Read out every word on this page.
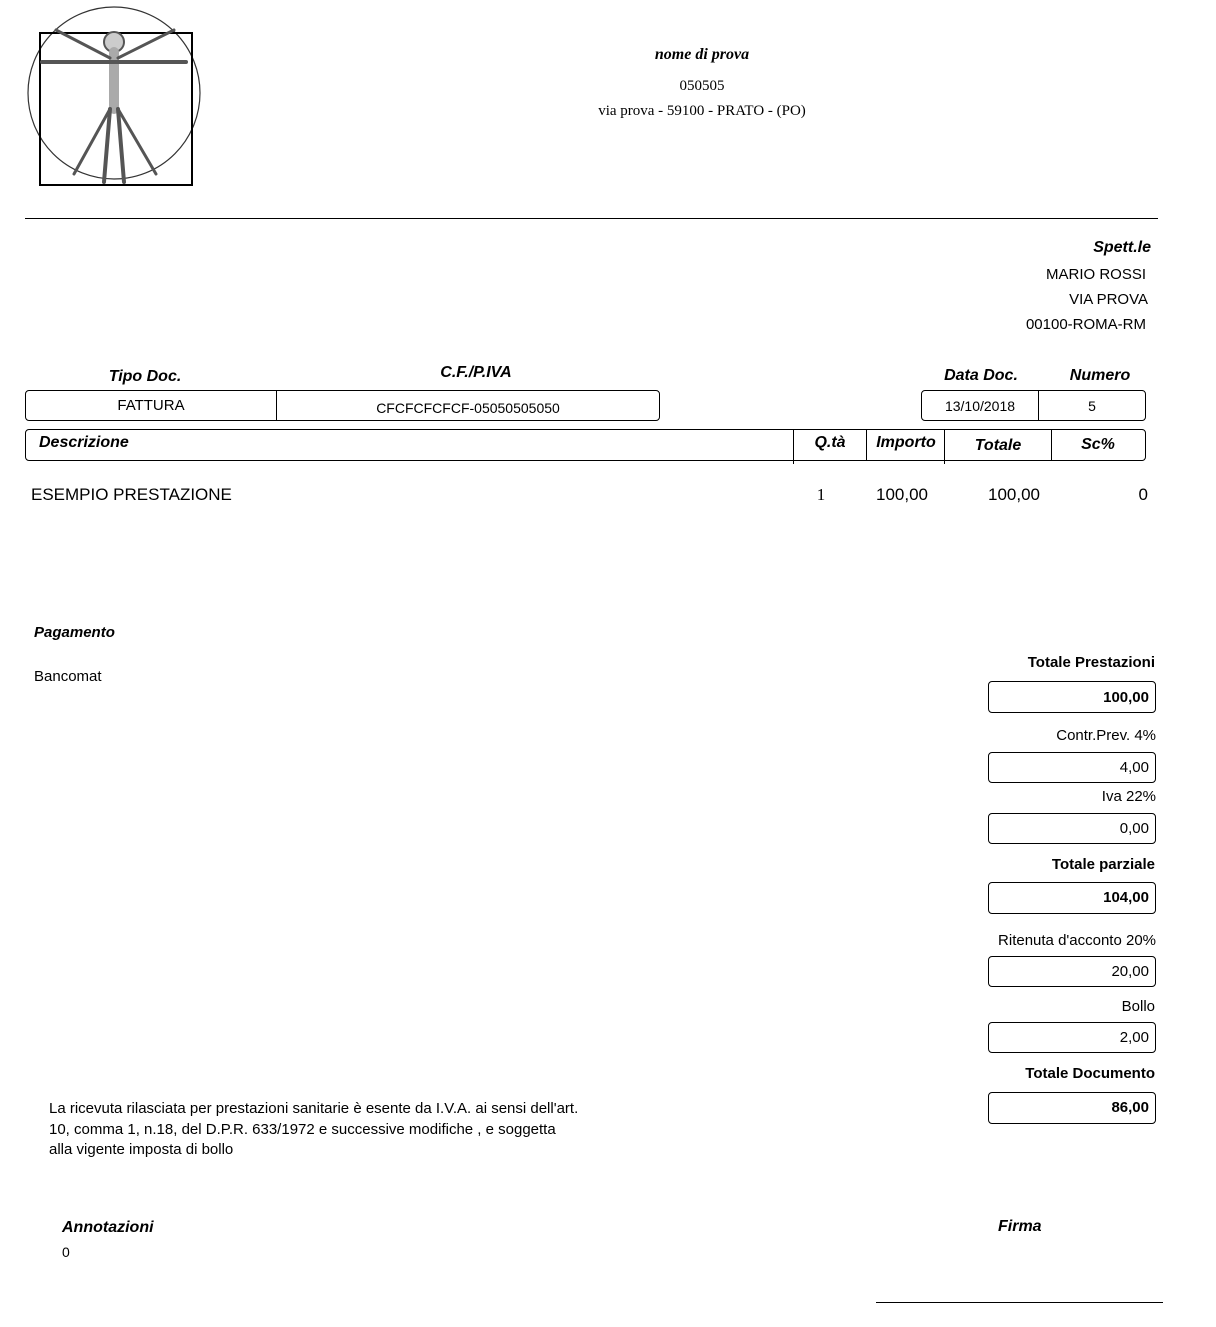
nome di prova
050505
via prova - 59100 - PRATO - (PO)
Spett.le
MARIO ROSSI
VIA PROVA
00100-ROMA-RM
Tipo Doc.	C.F./P.IVA	Data Doc.	Numero
FATTURA	CFCFCFCFCF-05050505050	13/10/2018	5
Descrizione	Q.tà	Importo	Totale	Sc%
ESEMPIO PRESTAZIONE	1	100,00	100,00	0
Pagamento
Bancomat
Totale Prestazioni
100,00
Contr.Prev. 4%
4,00
Iva 22%
0,00
Totale parziale
104,00
Ritenuta d'acconto 20%
20,00
Bollo
2,00
Totale Documento
86,00
La ricevuta rilasciata per prestazioni sanitarie è esente da I.V.A. ai sensi dell'art.
10, comma 1, n.18, del D.P.R. 633/1972 e successive modifiche , e soggetta
alla vigente imposta di bollo
Annotazioni
0
Firma
